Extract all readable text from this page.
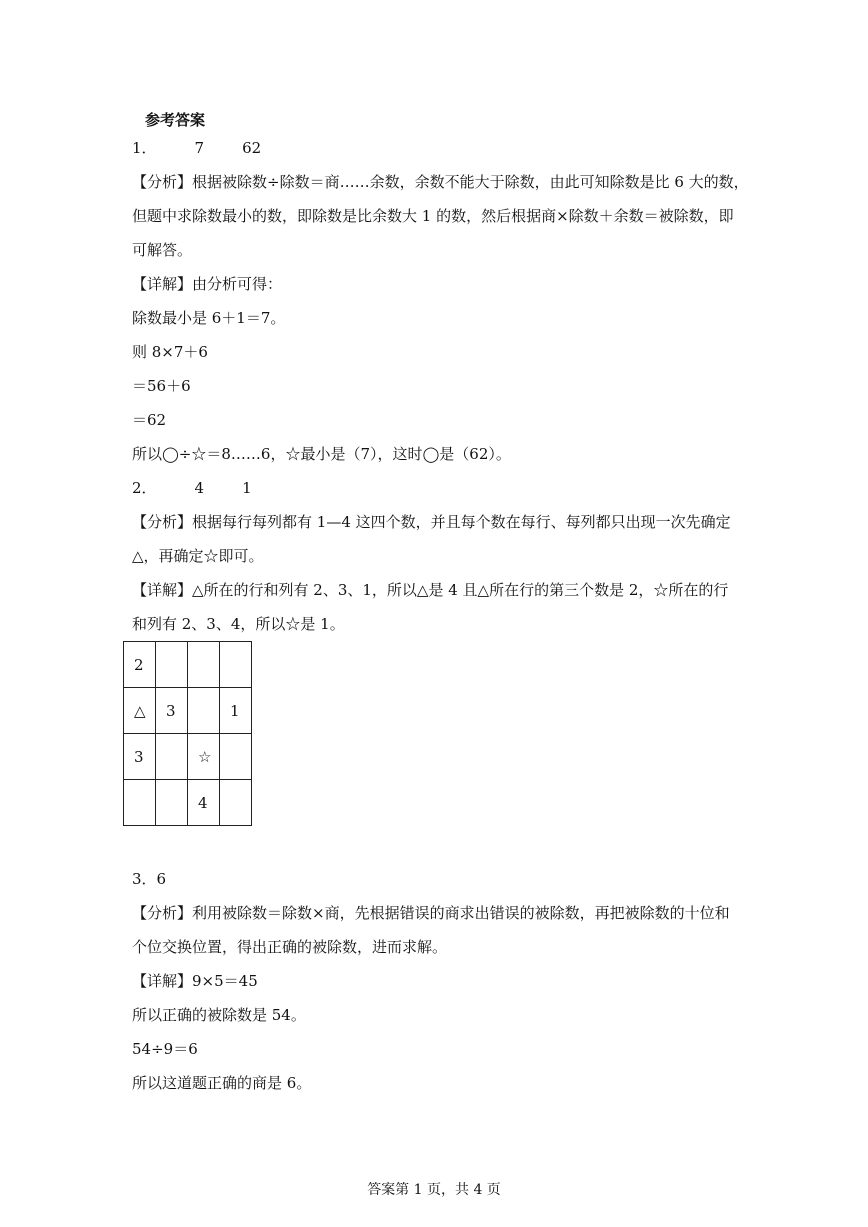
参考答案
1．	7	62
【分析】根据被除数÷除数＝商……余数，余数不能大于除数，由此可知除数是比 6 大的数，
但题中求除数最小的数，即除数是比余数大 1 的数，然后根据商×除数＋余数＝被除数，即
可解答。
【详解】由分析可得：
除数最小是 6＋1＝7。
则 8×7＋6
＝56＋6
＝62
所以◯÷☆＝8……6，☆最小是（7），这时◯是（62）。
2．	4	1
【分析】根据每行每列都有 1—4 这四个数，并且每个数在每行、每列都只出现一次先确定
△，再确定☆即可。
【详解】△所在的行和列有 2、3、1，所以△是 4 且△所在行的第三个数是 2，☆所在的行
和列有 2、3、4，所以☆是 1。
2			
△	3		1
3		☆	
		4	
3．6
【分析】利用被除数＝除数×商，先根据错误的商求出错误的被除数，再把被除数的十位和
个位交换位置，得出正确的被除数，进而求解。
【详解】9×5＝45
所以正确的被除数是 54。
54÷9＝6
所以这道题正确的商是 6。
答案第 1 页，共 4 页
